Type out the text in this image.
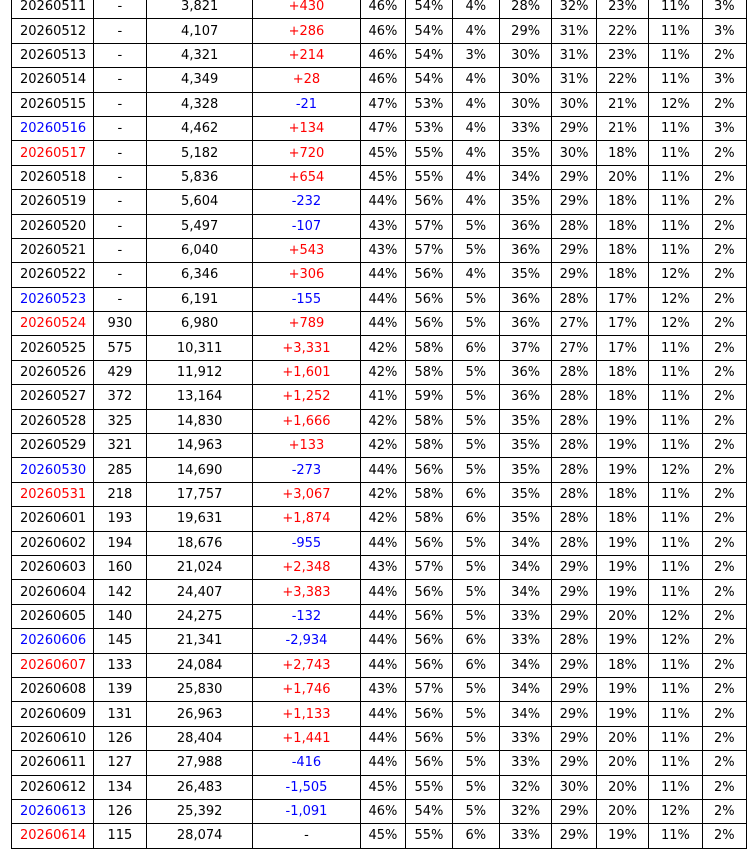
20260511	-	3,821	+430	46%	54%	4%	28%	32%	23%	11%	3%
20260512	-	4,107	+286	46%	54%	4%	29%	31%	22%	11%	3%
20260513	-	4,321	+214	46%	54%	3%	30%	31%	23%	11%	2%
20260514	-	4,349	+28	46%	54%	4%	30%	31%	22%	11%	3%
20260515	-	4,328	-21	47%	53%	4%	30%	30%	21%	12%	2%
20260516	-	4,462	+134	47%	53%	4%	33%	29%	21%	11%	3%
20260517	-	5,182	+720	45%	55%	4%	35%	30%	18%	11%	2%
20260518	-	5,836	+654	45%	55%	4%	34%	29%	20%	11%	2%
20260519	-	5,604	-232	44%	56%	4%	35%	29%	18%	11%	2%
20260520	-	5,497	-107	43%	57%	5%	36%	28%	18%	11%	2%
20260521	-	6,040	+543	43%	57%	5%	36%	29%	18%	11%	2%
20260522	-	6,346	+306	44%	56%	4%	35%	29%	18%	12%	2%
20260523	-	6,191	-155	44%	56%	5%	36%	28%	17%	12%	2%
20260524	930	6,980	+789	44%	56%	5%	36%	27%	17%	12%	2%
20260525	575	10,311	+3,331	42%	58%	6%	37%	27%	17%	11%	2%
20260526	429	11,912	+1,601	42%	58%	5%	36%	28%	18%	11%	2%
20260527	372	13,164	+1,252	41%	59%	5%	36%	28%	18%	11%	2%
20260528	325	14,830	+1,666	42%	58%	5%	35%	28%	19%	11%	2%
20260529	321	14,963	+133	42%	58%	5%	35%	28%	19%	11%	2%
20260530	285	14,690	-273	44%	56%	5%	35%	28%	19%	12%	2%
20260531	218	17,757	+3,067	42%	58%	6%	35%	28%	18%	11%	2%
20260601	193	19,631	+1,874	42%	58%	6%	35%	28%	18%	11%	2%
20260602	194	18,676	-955	44%	56%	5%	34%	28%	19%	11%	2%
20260603	160	21,024	+2,348	43%	57%	5%	34%	29%	19%	11%	2%
20260604	142	24,407	+3,383	44%	56%	5%	34%	29%	19%	11%	2%
20260605	140	24,275	-132	44%	56%	5%	33%	29%	20%	12%	2%
20260606	145	21,341	-2,934	44%	56%	6%	33%	28%	19%	12%	2%
20260607	133	24,084	+2,743	44%	56%	6%	34%	29%	18%	11%	2%
20260608	139	25,830	+1,746	43%	57%	5%	34%	29%	19%	11%	2%
20260609	131	26,963	+1,133	44%	56%	5%	34%	29%	19%	11%	2%
20260610	126	28,404	+1,441	44%	56%	5%	33%	29%	20%	11%	2%
20260611	127	27,988	-416	44%	56%	5%	33%	29%	20%	11%	2%
20260612	134	26,483	-1,505	45%	55%	5%	32%	30%	20%	11%	2%
20260613	126	25,392	-1,091	46%	54%	5%	32%	29%	20%	12%	2%
20260614	115	28,074	-	45%	55%	6%	33%	29%	19%	11%	2%
